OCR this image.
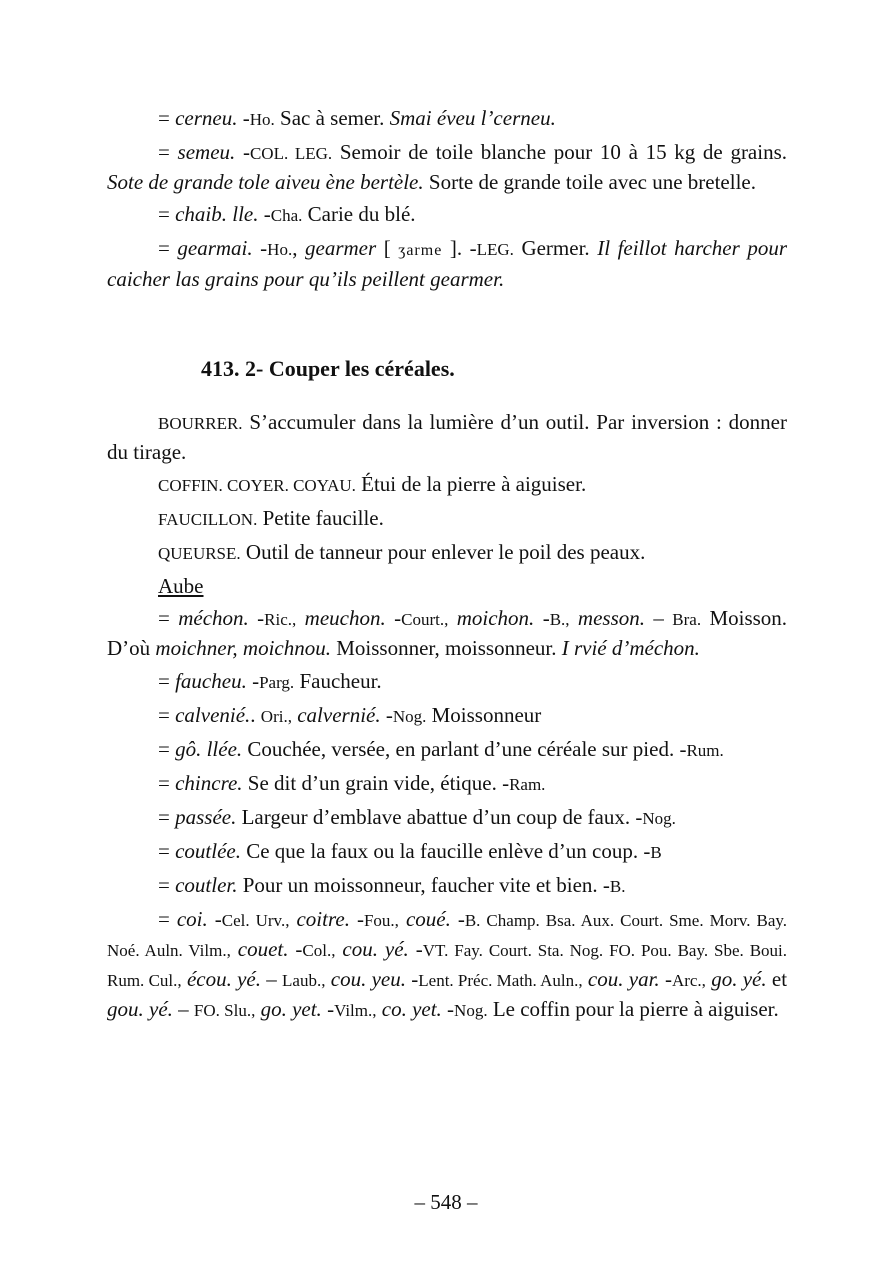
= cerneu. -Ho. Sac à semer. Smai éveu l’cerneu.

= semeu. -COL. LEG. Semoir de toile blanche pour 10 à 15 kg de grains. Sote de grande tole aiveu ène bertèle. Sorte de grande toile avec une bretelle.

= chaib. lle. -Cha. Carie du blé.

= gearmai. -Ho., gearmer [ ʒarme ]. -LEG. Germer. Il feillot harcher pour caicher las grains pour qu’ils peillent gearmer.

413. 2- Couper les céréales.

BOURRER. S’accumuler dans la lumière d’un outil. Par inversion : donner du tirage.

COFFIN. COYER. COYAU. Étui de la pierre à aiguiser.

FAUCILLON. Petite faucille.

QUEURSE. Outil de tanneur pour enlever le poil des peaux.

Aube

= méchon. -Ric., meuchon. -Court., moichon. -B., messon. – Bra. Moisson. D’où moichner, moichnou. Moissonner, moissonneur. I rvié d’méchon.

= faucheu. -Parg. Faucheur.

= calvenié.. Ori., calvernié. -Nog. Moissonneur

= gô. llée. Couchée, versée, en parlant d’une céréale sur pied. -Rum.

= chincre. Se dit d’un grain vide, étique. -Ram.

= passée. Largeur d’emblave abattue d’un coup de faux. -Nog.

= coutlée. Ce que la faux ou la faucille enlève d’un coup. -B

= coutler. Pour un moissonneur, faucher vite et bien. -B.

= coi. -Cel. Urv., coitre. -Fou., coué. -B. Champ. Bsa. Aux. Court. Sme. Morv. Bay. Noé. Auln. Vilm., couet. -Col., cou. yé. -VT. Fay. Court. Sta. Nog. FO. Pou. Bay. Sbe. Boui. Rum. Cul., écou. yé. – Laub., cou. yeu. -Lent. Préc. Math. Auln., cou. yar. -Arc., go. yé. et gou. yé. – FO. Slu., go. yet. -Vilm., co. yet. -Nog. Le coffin pour la pierre à aiguiser.

– 548 –
